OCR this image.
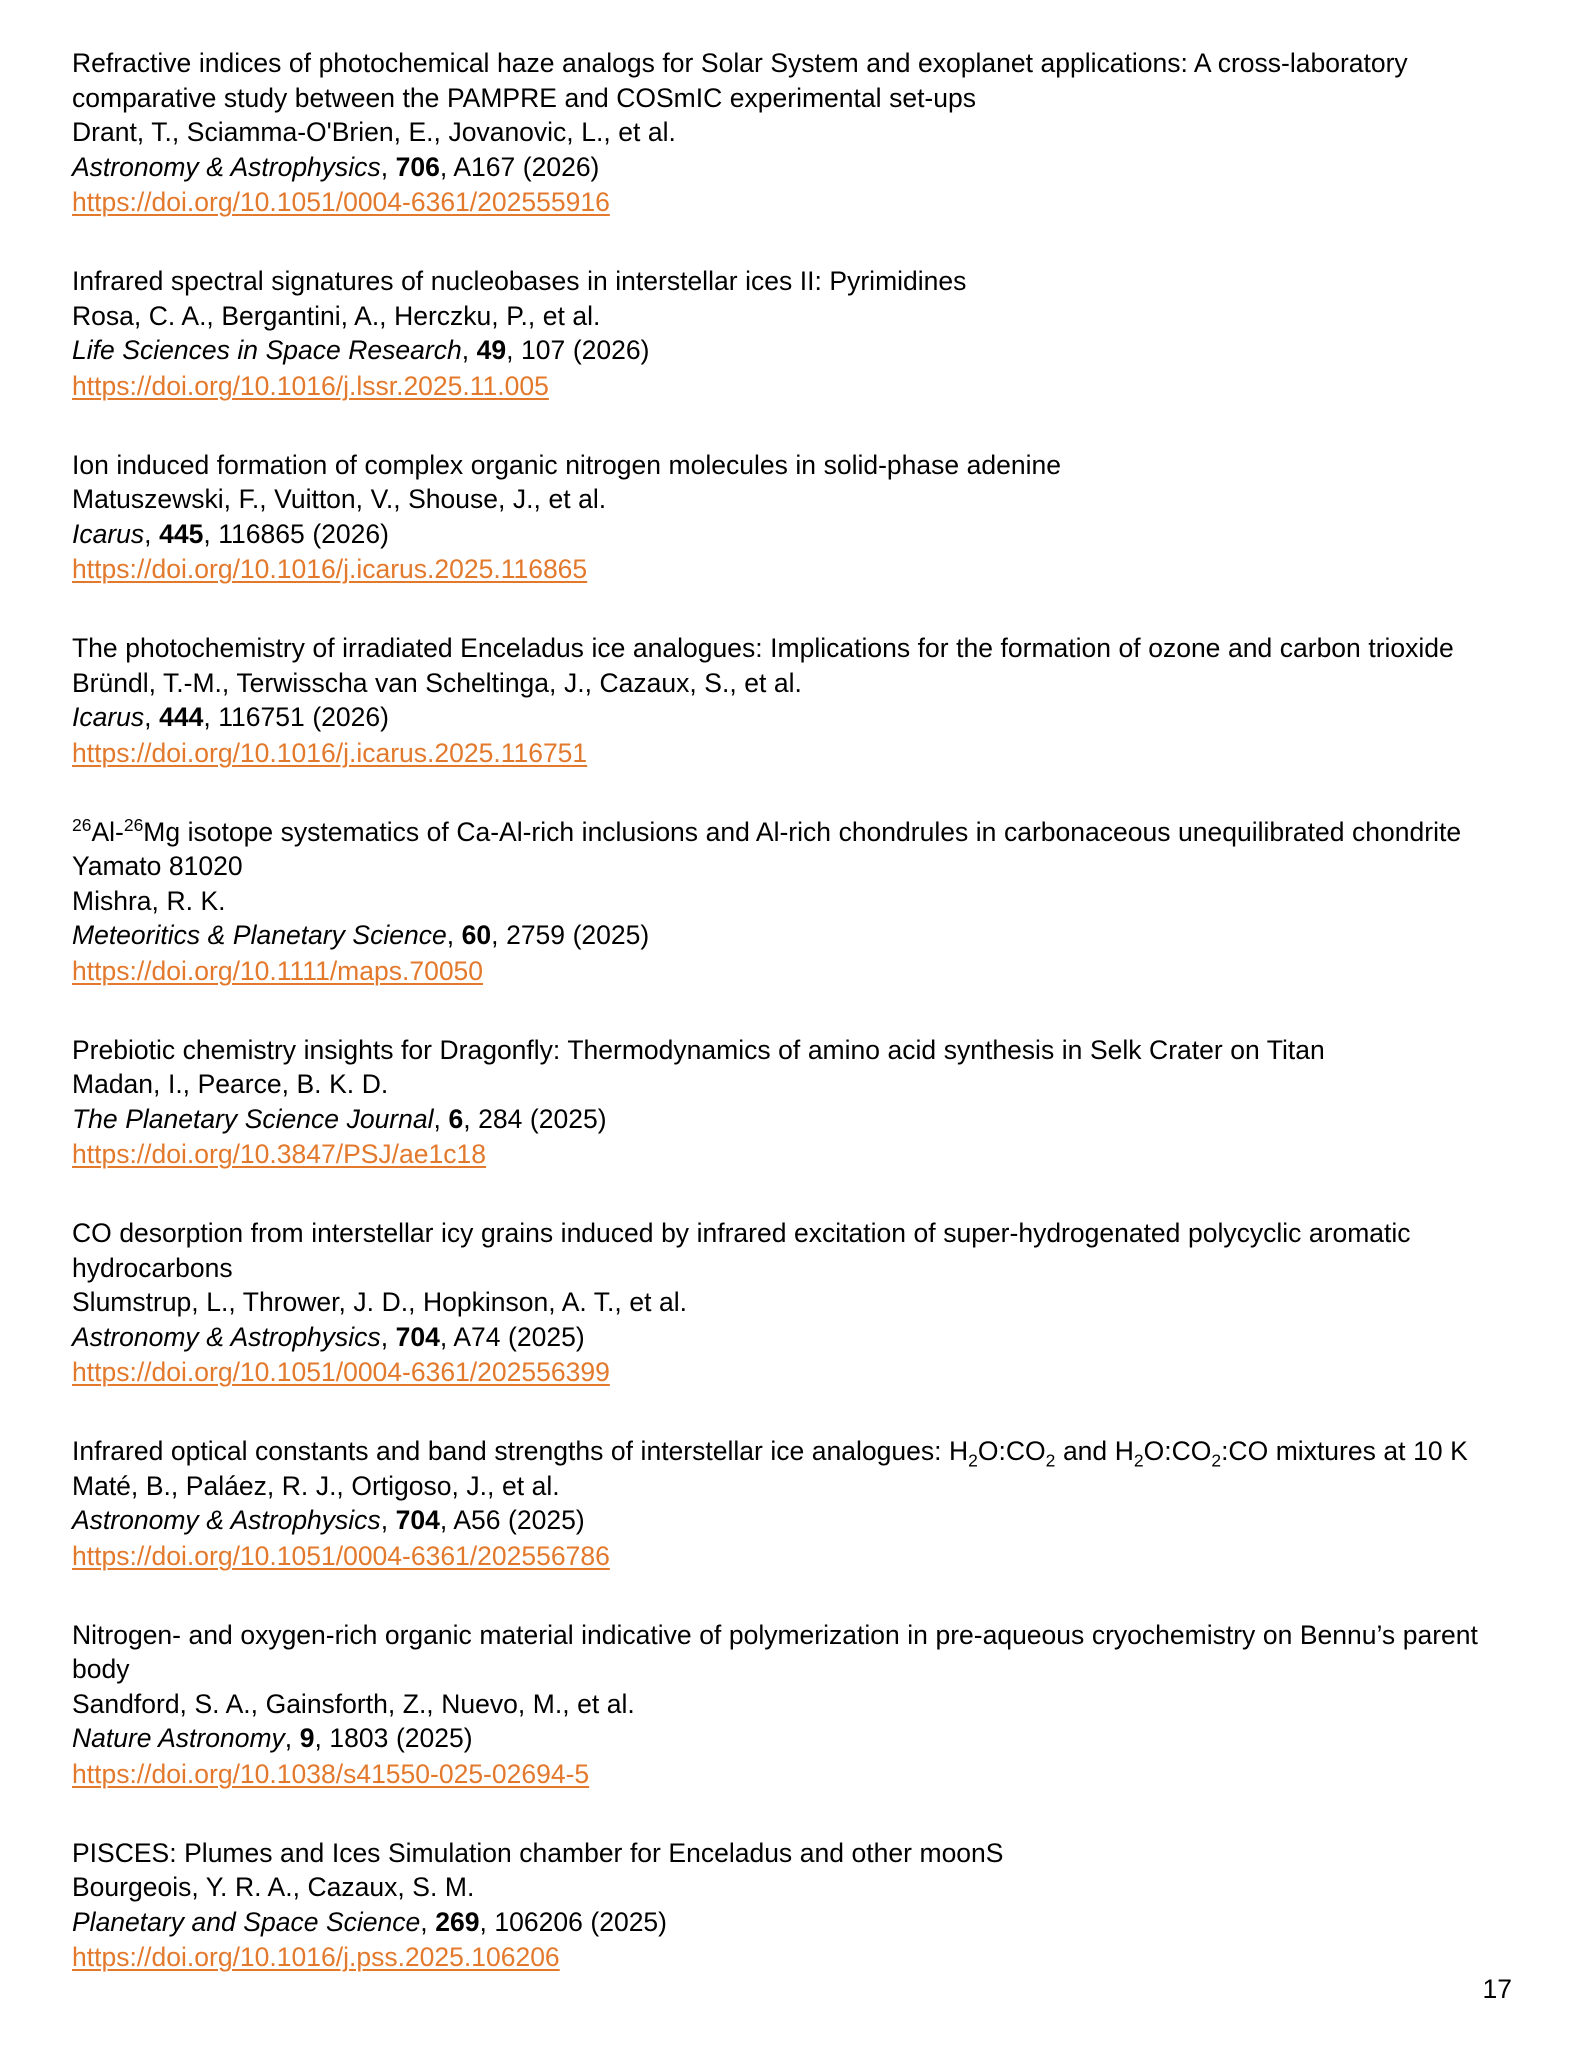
Refractive indices of photochemical haze analogs for Solar System and exoplanet applications: A cross-laboratory comparative study between the PAMPRE and COSmIC experimental set-ups
Drant, T., Sciamma-O'Brien, E., Jovanovic, L., et al.
Astronomy & Astrophysics, 706, A167 (2026)
https://doi.org/10.1051/0004-6361/202555916
Infrared spectral signatures of nucleobases in interstellar ices II: Pyrimidines
Rosa, C. A., Bergantini, A., Herczku, P., et al.
Life Sciences in Space Research, 49, 107 (2026)
https://doi.org/10.1016/j.lssr.2025.11.005
Ion induced formation of complex organic nitrogen molecules in solid-phase adenine
Matuszewski, F., Vuitton, V., Shouse, J., et al.
Icarus, 445, 116865 (2026)
https://doi.org/10.1016/j.icarus.2025.116865
The photochemistry of irradiated Enceladus ice analogues: Implications for the formation of ozone and carbon trioxide
Bründl, T.-M., Terwisscha van Scheltinga, J., Cazaux, S., et al.
Icarus, 444, 116751 (2026)
https://doi.org/10.1016/j.icarus.2025.116751
$^{26}$Al-$^{26}$Mg isotope systematics of Ca-Al-rich inclusions and Al-rich chondrules in carbonaceous unequilibrated chondrite Yamato 81020
Mishra, R. K.
Meteoritics & Planetary Science, 60, 2759 (2025)
https://doi.org/10.1111/maps.70050
Prebiotic chemistry insights for Dragonfly: Thermodynamics of amino acid synthesis in Selk Crater on Titan
Madan, I., Pearce, B. K. D.
The Planetary Science Journal, 6, 284 (2025)
https://doi.org/10.3847/PSJ/ae1c18
CO desorption from interstellar icy grains induced by infrared excitation of super-hydrogenated polycyclic aromatic hydrocarbons
Slumstrup, L., Thrower, J. D., Hopkinson, A. T., et al.
Astronomy & Astrophysics, 704, A74 (2025)
https://doi.org/10.1051/0004-6361/202556399
Infrared optical constants and band strengths of interstellar ice analogues: $H_2O:CO_2$ and $H_2O:CO_2:CO$ mixtures at 10 K
Maté, B., Paláez, R. J., Ortigoso, J., et al.
Astronomy & Astrophysics, 704, A56 (2025)
https://doi.org/10.1051/0004-6361/202556786
Nitrogen- and oxygen-rich organic material indicative of polymerization in pre-aqueous cryochemistry on Bennu’s parent body
Sandford, S. A., Gainsforth, Z., Nuevo, M., et al.
Nature Astronomy, 9, 1803 (2025)
https://doi.org/10.1038/s41550-025-02694-5
PISCES: Plumes and Ices Simulation chamber for Enceladus and other moonS
Bourgeois, Y. R. A., Cazaux, S. M.
Planetary and Space Science, 269, 106206 (2025)
https://doi.org/10.1016/j.pss.2025.106206
17
